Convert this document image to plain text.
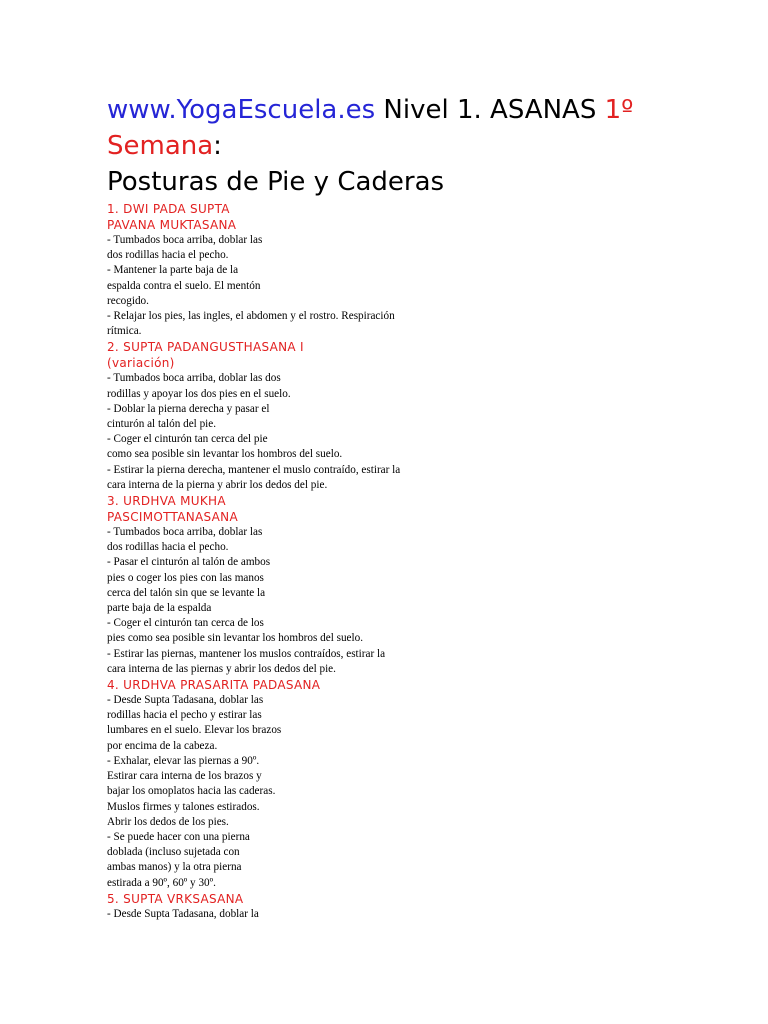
www.YogaEscuela.es Nivel 1. ASANAS 1º
Semana:
Posturas de Pie y Caderas
1. DWI PADA SUPTA
PAVANA MUKTASANA
- Tumbados boca arriba, doblar las
dos rodillas hacia el pecho.
- Mantener la parte baja de la
espalda contra el suelo. El mentón
recogido.
- Relajar los pies, las ingles, el abdomen y el rostro. Respiración
rítmica.
2. SUPTA PADANGUSTHASANA I
(variación)
- Tumbados boca arriba, doblar las dos
rodillas y apoyar los dos pies en el suelo.
- Doblar la pierna derecha y pasar el
cinturón al talón del pie.
- Coger el cinturón tan cerca del pie
como sea posible sin levantar los hombros del suelo.
- Estirar la pierna derecha, mantener el muslo contraído, estirar la
cara interna de la pierna y abrir los dedos del pie.
3. URDHVA MUKHA
PASCIMOTTANASANA
- Tumbados boca arriba, doblar las
dos rodillas hacia el pecho.
- Pasar el cinturón al talón de ambos
pies o coger los pies con las manos
cerca del talón sin que se levante la
parte baja de la espalda
- Coger el cinturón tan cerca de los
pies como sea posible sin levantar los hombros del suelo.
- Estirar las piernas, mantener los muslos contraídos, estirar la
cara interna de las piernas y abrir los dedos del pie.
4. URDHVA PRASARITA PADASANA
- Desde Supta Tadasana, doblar las
rodillas hacia el pecho y estirar las
lumbares en el suelo. Elevar los brazos
por encima de la cabeza.
- Exhalar, elevar las piernas a 90º.
Estirar cara interna de los brazos y
bajar los omoplatos hacia las caderas.
Muslos firmes y talones estirados.
Abrir los dedos de los pies.
- Se puede hacer con una pierna
doblada (incluso sujetada con
ambas manos) y la otra pierna
estirada a 90º, 60º y 30º.
5. SUPTA VRKSASANA
- Desde Supta Tadasana, doblar la
